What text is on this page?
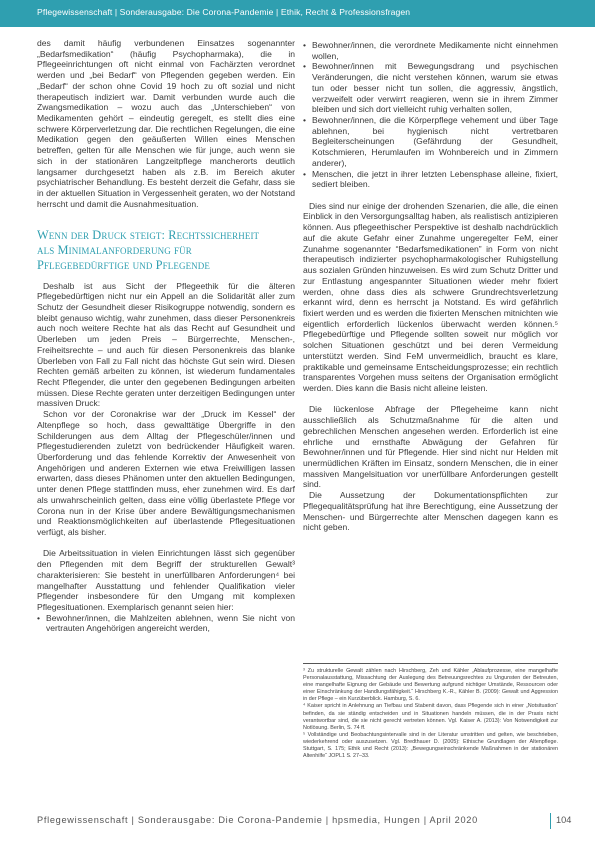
Pflegewissenschaft | Sonderausgabe: Die Corona-Pandemie | Ethik, Recht & Professionsfragen

des damit häufig verbundenen Einsatzes sogenannter „Bedarfsmedikation“ (häufig Psychopharmaka), die in Pflegeeinrichtungen oft nicht einmal von Fachärzten verordnet werden und „bei Bedarf“ von Pflegenden gegeben werden. Ein „Bedarf“ der schon ohne Covid 19 hoch zu oft sozial und nicht therapeutisch indiziert war. Damit verbunden wurde auch die Zwangsmedikation – wozu auch das „Unterschieben“ von Medikamenten gehört – eindeutig geregelt, es stellt dies eine schwere Körperverletzung dar. Die rechtlichen Regelungen, die eine Medikation gegen den geäußerten Willen eines Menschen betreffen, gelten für alle Menschen wie für junge, auch wenn sie sich in der stationären Langzeitpflege mancherorts deutlich langsamer durchgesetzt haben als z.B. im Bereich akuter psychiatrischer Behandlung. Es besteht derzeit die Gefahr, dass sie in der aktuellen Situation in Vergessenheit geraten, wo der Notstand herrscht und damit die Ausnahmesituation.

Wenn der Druck steigt: Rechtssicherheit
als Minimalanforderung für
Pflegebedürftige und Pflegende

Deshalb ist aus Sicht der Pflegeethik für die älteren Pflegebedürftigen nicht nur ein Appell an die Solidarität aller zum Schutz der Gesundheit dieser Risikogruppe notwendig, sondern es bleibt genauso wichtig, wahr zunehmen, dass dieser Personenkreis auch noch weitere Rechte hat als das Recht auf Gesundheit und Überleben um jeden Preis – Bürgerrechte, Menschen-, Freiheitsrechte – und auch für diesen Personenkreis das blanke Überleben von Fall zu Fall nicht das höchste Gut sein wird. Diesen Rechten gemäß arbeiten zu können, ist wiederum fundamentales Recht Pflegender, die unter den gegebenen Bedingungen arbeiten müssen. Diese Rechte geraten unter derzeitigen Bedingungen unter massiven Druck:

Schon vor der Coronakrise war der „Druck im Kessel“ der Altenpflege so hoch, dass gewalttätige Übergriffe in den Schilderungen aus dem Alltag der Pflegeschüler/innen und Pflegestudierenden zuletzt von bedrückender Häufigkeit waren. Überforderung und das fehlende Korrektiv der Anwesenheit von Angehörigen und anderen Externen wie etwa Freiwilligen lassen erwarten, dass dieses Phänomen unter den aktuellen Bedingungen, unter denen Pflege stattfinden muss, eher zunehmen wird. Es darf als unwahrscheinlich gelten, dass eine völlig überlastete Pflege vor Corona nun in der Krise über andere Bewältigungsmechanismen und Reaktionsmöglichkeiten auf überlastende Pflegesituationen verfügt, als bisher.

Die Arbeitssituation in vielen Einrichtungen lässt sich gegenüber den Pflegenden mit dem Begriff der strukturellen Gewalt³ charakterisieren: Sie besteht in unerfüllbaren Anforderungen⁴ bei mangelhafter Ausstattung und fehlender Qualifikation vieler Pflegender insbesondere für den Umgang mit komplexen Pflegesituationen. Exemplarisch genannt seien hier:

• Bewohner/innen, die Mahlzeiten ablehnen, wenn Sie nicht von vertrauten Angehörigen angereicht werden,
• Bewohner/innen, die verordnete Medikamente nicht einnehmen wollen,
• Bewohner/innen mit Bewegungsdrang und psychischen Veränderungen, die nicht verstehen können, warum sie etwas tun oder besser nicht tun sollen, die aggressiv, ängstlich, verzweifelt oder verwirrt reagieren, wenn sie in ihrem Zimmer bleiben und sich dort vielleicht ruhig verhalten sollen,
• Bewohner/innen, die die Körperpflege vehement und über Tage ablehnen, bei hygienisch nicht vertretbaren Begleiterscheinungen (Gefährdung der Gesundheit, Kotschmieren, Herumlaufen im Wohnbereich und in Zimmern anderer),
• Menschen, die jetzt in ihrer letzten Lebensphase alleine, fixiert, sediert bleiben.

Dies sind nur einige der drohenden Szenarien, die alle, die einen Einblick in den Versorgungsalltag haben, als realistisch antizipieren können. Aus pflegeethischer Perspektive ist deshalb nachdrücklich auf die akute Gefahr einer Zunahme ungeregelter FeM, einer Zunahme sogenannter “Bedarfsmedikationen” in Form von nicht therapeutisch indizierter psychopharmakologischer Ruhigstellung aus sozialen Gründen hinzuweisen. Es wird zum Schutz Dritter und zur Entlastung angespannter Situationen wieder mehr fixiert werden, ohne dass dies als schwere Grundrechtsverletzung erkannt wird, denn es herrscht ja Notstand. Es wird gefährlich fixiert werden und es werden die fixierten Menschen mitnichten wie eigentlich erforderlich lückenlos überwacht werden können.⁵ Pflegebedürftige und Pflegende sollten soweit nur möglich vor solchen Situationen geschützt und bei deren Vermeidung unterstützt werden. Sind FeM unvermeidlich, braucht es klare, praktikable und gemeinsame Entscheidungsprozesse; ein rechtlich transparentes Vorgehen muss seitens der Organisation ermöglicht werden. Dies kann die Basis nicht alleine leisten.

Die lückenlose Abfrage der Pflegeheime kann nicht ausschließlich als Schutzmaßnahme für die alten und gebrechlichen Menschen angesehen werden. Erforderlich ist eine ehrliche und ernsthafte Abwägung der Gefahren für Bewohner/innen und für Pflegende. Hier sind nicht nur Helden mit unermüdlichen Kräften im Einsatz, sondern Menschen, die in einer massiven Mangelsituation vor unerfüllbare Anforderungen gestellt sind.

Die Aussetzung der Dokumentationspflichten zur Pflegequalitätsprüfung hat ihre Berechtigung, eine Aussetzung der Menschen- und Bürgerrechte alter Menschen dagegen kann es nicht geben.

³ Zu strukturelle Gewalt zählen nach Hirschberg, Zeh und Kähler „Ablaufprozesse, eine mangelhafte Personalausstattung, Missachtung der Auslegung des Betreuungsrechtes zu Ungunsten der Betreuten, eine mangelhafte Eignung der Gebäude und Bewertung aufgrund nichtiger Umstände, Ressourcen oder einer Einschränkung der Handlungsfähigkeit.“ Hirschberg K.-R., Kähler B. (2009): Gewalt und Aggression in der Pflege – ein Kurzüberblick. Hamburg, S. 6.

⁴ Kaiser spricht in Anlehnung an Tiefbau und Stabenit davon, dass Pflegende sich in einer „Notsituation“ befinden, da sie ständig entscheiden und in Situationen handeln müssen, die in der Praxis nicht verantwortbar sind, die sie nicht gerecht vertreten können. Vgl. Kaiser A. (2013): Von Notwendigkeit zur Notlösung. Berlin, S. 74 ff.

⁵ Vollständige und Beobachtungsintervalle sind in der Literatur umstritten und gelten, wie beschrieben, wiederkehrend oder auszusetzen. Vgl. Bredthauer D. (2005): Ethische Grundlagen der Altenpflege. Stuttgart, S. 175; Ethik und Recht (2013): „Bewegungseinschränkende Maßnahmen in der stationären Altenhilfe“ JOPL1 S. 27–33.

Pflegewissenschaft | Sonderausgabe: Die Corona-Pandemie | hpsmedia, Hungen | April 2020	104
